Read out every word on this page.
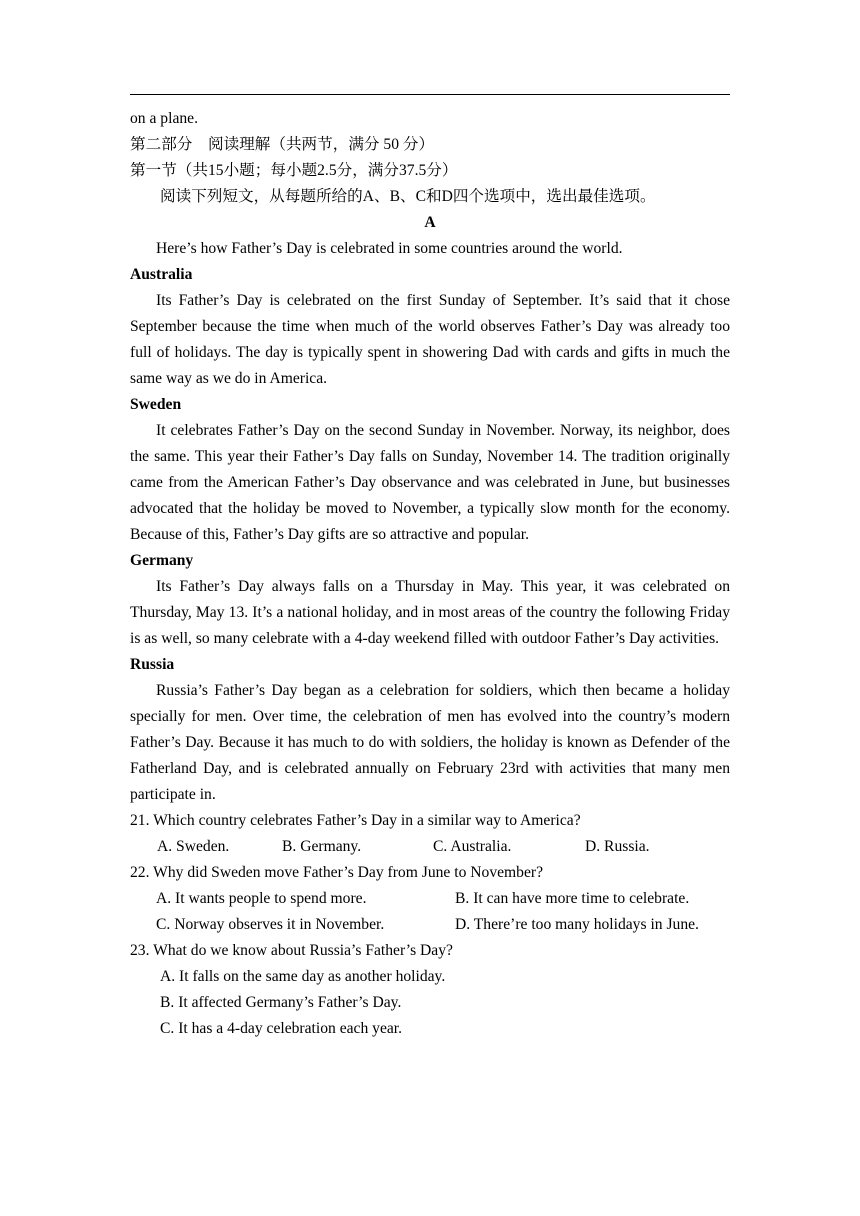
on a plane.
第二部分　阅读理解（共两节，满分 50 分）
第一节（共15小题；每小题2.5分，满分37.5分）
阅读下列短文，从每题所给的A、B、C和D四个选项中，选出最佳选项。
A
Here’s how Father’s Day is celebrated in some countries around the world.
Australia

Its Father’s Day is celebrated on the first Sunday of September. It’s said that it chose September because the time when much of the world observes Father’s Day was already too full of holidays. The day is typically spent in showering Dad with cards and gifts in much the same way as we do in America.

Sweden

It celebrates Father’s Day on the second Sunday in November. Norway, its neighbor, does the same. This year their Father’s Day falls on Sunday, November 14. The tradition originally came from the American Father’s Day observance and was celebrated in June, but businesses advocated that the holiday be moved to November, a typically slow month for the economy. Because of this, Father’s Day gifts are so attractive and popular.

Germany

Its Father’s Day always falls on a Thursday in May. This year, it was celebrated on Thursday, May 13. It’s a national holiday, and in most areas of the country the following Friday is as well, so many celebrate with a 4-day weekend filled with outdoor Father’s Day activities.

Russia

Russia’s Father’s Day began as a celebration for soldiers, which then became a holiday specially for men. Over time, the celebration of men has evolved into the country’s modern Father’s Day. Because it has much to do with soldiers, the holiday is known as Defender of the Fatherland Day, and is celebrated annually on February 23rd with activities that many men participate in.

21. Which country celebrates Father’s Day in a similar way to America?
A. Sweden.	B. Germany.	C. Australia.	D. Russia.
22. Why did Sweden move Father’s Day from June to November?
A. It wants people to spend more.	B. It can have more time to celebrate.
C. Norway observes it in November.	D. There’re too many holidays in June.
23. What do we know about Russia’s Father’s Day?
A. It falls on the same day as another holiday.
B. It affected Germany’s Father’s Day.
C. It has a 4-day celebration each year.
